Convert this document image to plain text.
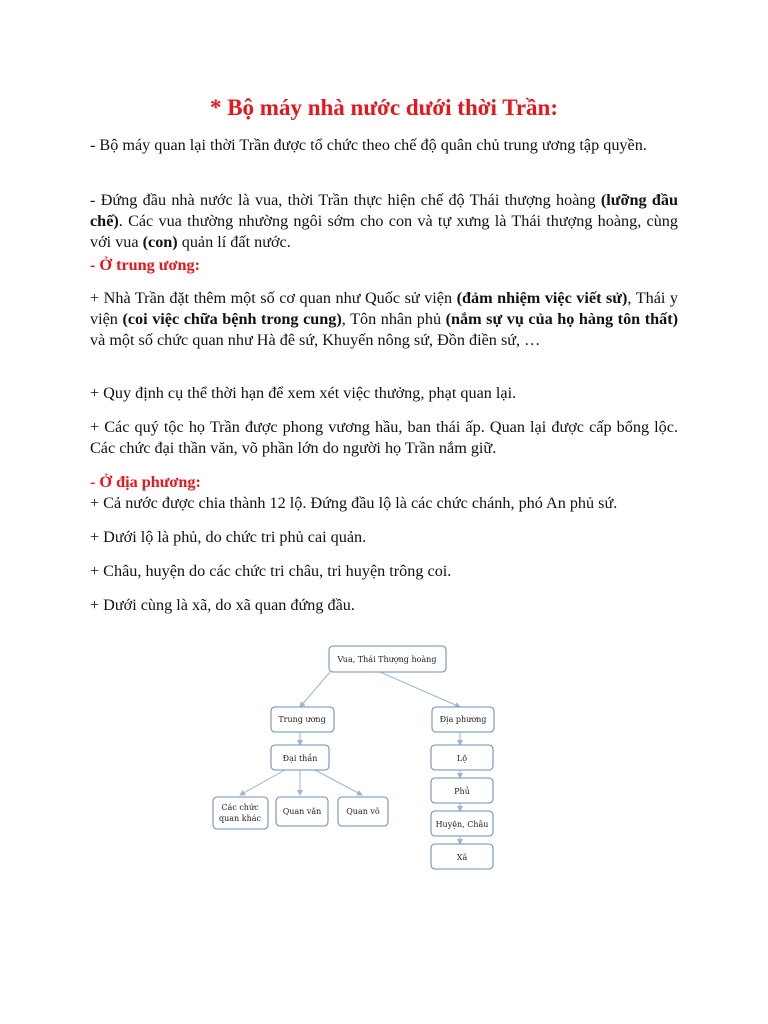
* Bộ máy nhà nước dưới thời Trần:

- Bộ máy quan lại thời Trần được tổ chức theo chế độ quân chủ trung ương tập quyền.

- Đứng đầu nhà nước là vua, thời Trần thực hiện chế độ Thái thượng hoàng (lưỡng đầu chế). Các vua thường nhường ngôi sớm cho con và tự xưng là Thái thượng hoàng, cùng với vua (con) quản lí đất nước.

- Ở trung ương:

+ Nhà Trần đặt thêm một số cơ quan như Quốc sử viện (đảm nhiệm việc viết sử), Thái y viện (coi việc chữa bệnh trong cung), Tôn nhân phủ (nắm sự vụ của họ hàng tôn thất) và một số chức quan như Hà đê sứ, Khuyến nông sứ, Đồn điền sứ, …

+ Quy định cụ thể thời hạn để xem xét việc thưởng, phạt quan lại.

+ Các quý tộc họ Trần được phong vương hầu, ban thái ấp. Quan lại được cấp bổng lộc. Các chức đại thần văn, võ phần lớn do người họ Trần nắm giữ.

- Ở địa phương:

+ Cả nước được chia thành 12 lộ. Đứng đầu lộ là các chức chánh, phó An phủ sứ.

+ Dưới lộ là phủ, do chức tri phủ cai quản.

+ Châu, huyện do các chức tri châu, tri huyện trông coi.

+ Dưới cùng là xã, do xã quan đứng đầu.

Vua, Thái Thượng hoàng
Trung ương	Địa phương
Đại thần
Các chức
quan khác
Quan văn	Quan võ
Lộ
Phủ
Huyện, Châu
Xã
